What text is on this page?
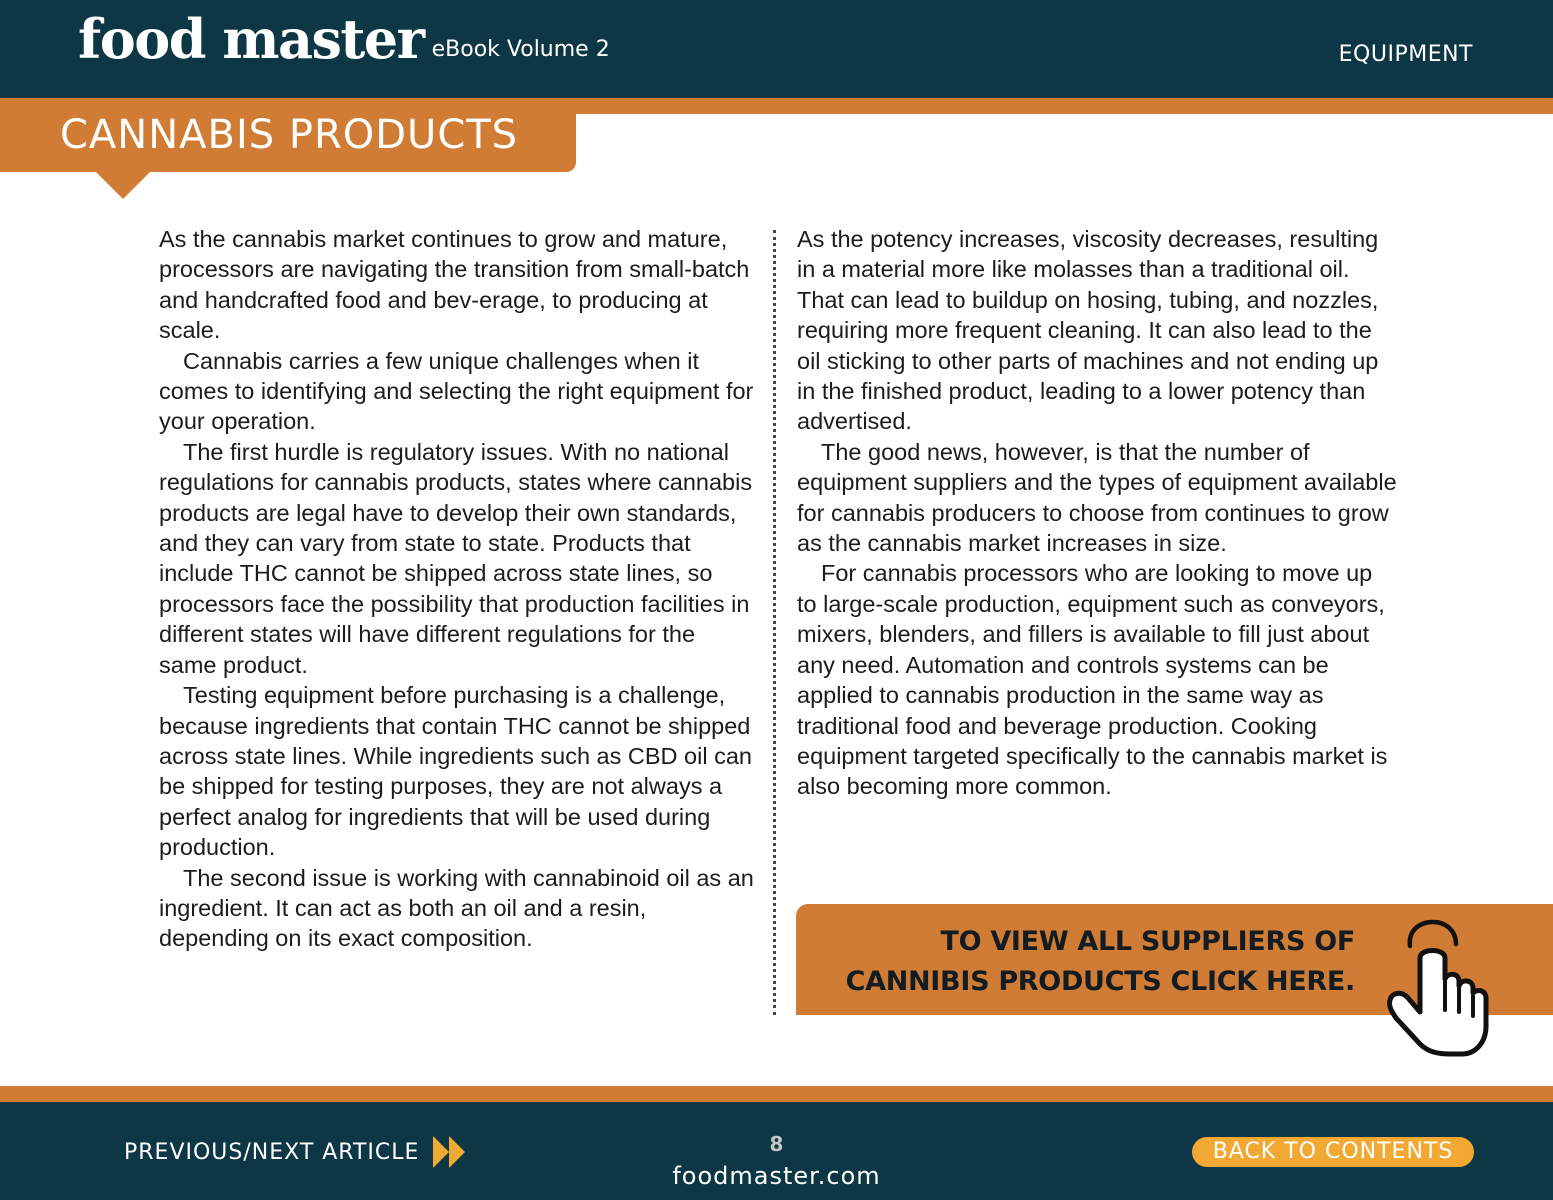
food master eBook Volume 2	EQUIPMENT
CANNABIS PRODUCTS

As the cannabis market continues to grow and mature, processors are navigating the transition from small-batch and handcrafted food and bev-erage, to producing at scale.

Cannabis carries a few unique challenges when it comes to identifying and selecting the right equipment for your operation.

The first hurdle is regulatory issues. With no national regulations for cannabis products, states where cannabis products are legal have to develop their own standards, and they can vary from state to state. Products that include THC cannot be shipped across state lines, so processors face the possibility that production facilities in different states will have different regulations for the same product.

Testing equipment before purchasing is a challenge, because ingredients that contain THC cannot be shipped across state lines. While ingredients such as CBD oil can be shipped for testing purposes, they are not always a perfect analog for ingredients that will be used during production.

The second issue is working with cannabinoid oil as an ingredient. It can act as both an oil and a resin, depending on its exact composition.

As the potency increases, viscosity decreases, resulting in a material more like molasses than a traditional oil. That can lead to buildup on hosing, tubing, and nozzles, requiring more frequent cleaning. It can also lead to the oil sticking to other parts of machines and not ending up in the finished product, leading to a lower potency than advertised.

The good news, however, is that the number of equipment suppliers and the types of equipment available for cannabis producers to choose from continues to grow as the cannabis market increases in size.

For cannabis processors who are looking to move up to large-scale production, equipment such as conveyors, mixers, blenders, and fillers is available to fill just about any need. Automation and controls systems can be applied to cannabis production in the same way as traditional food and beverage production. Cooking equipment targeted specifically to the cannabis market is also becoming more common.

TO VIEW ALL SUPPLIERS OF
CANNIBIS PRODUCTS CLICK HERE.
PREVIOUS/NEXT ARTICLE	8
foodmaster.com
BACK TO CONTENTS
